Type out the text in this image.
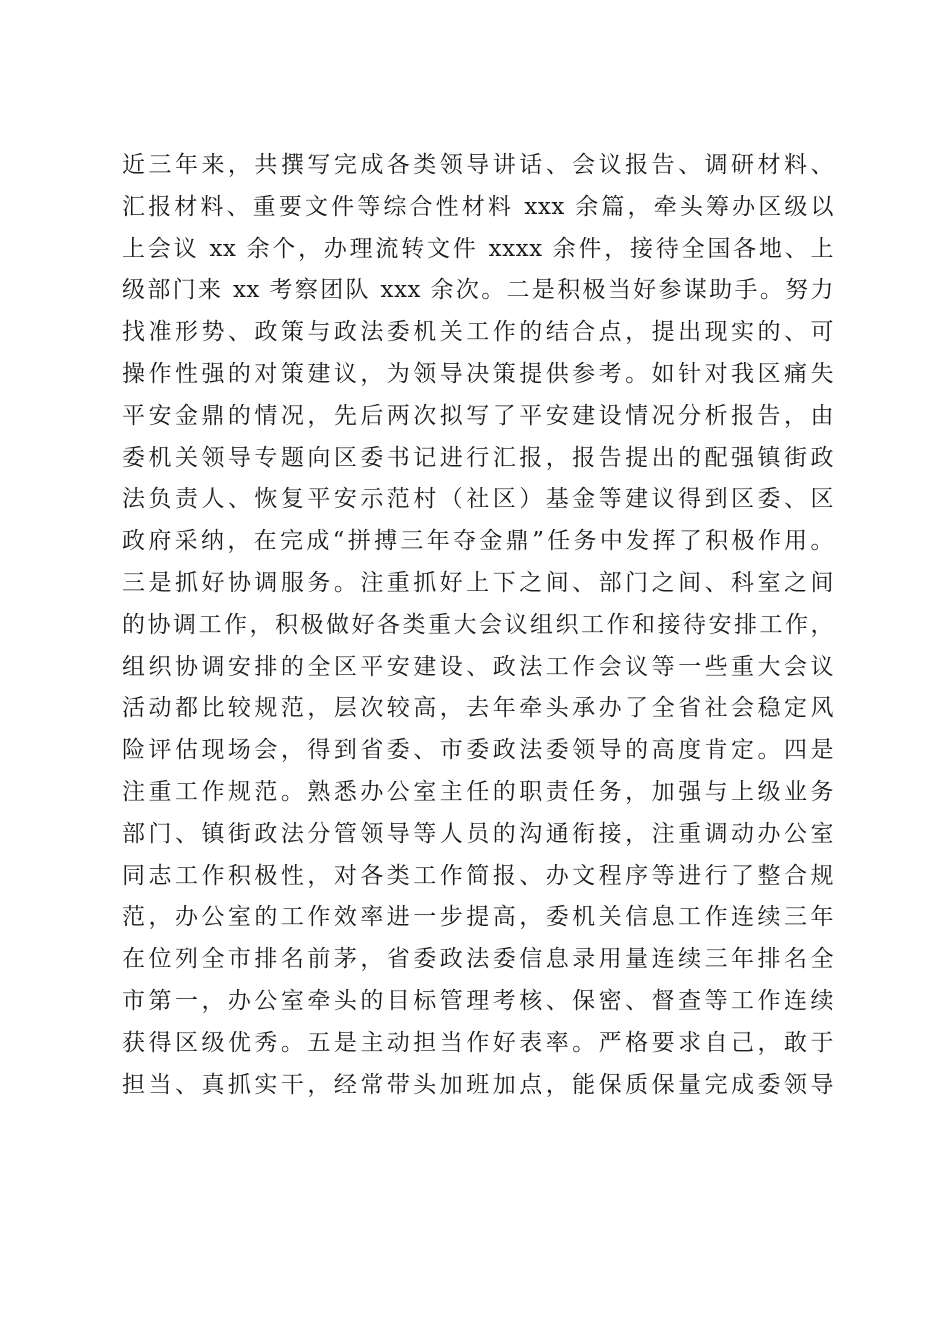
近三年来，共撰写完成各类领导讲话、会议报告、调研材料、
汇报材料、重要文件等综合性材料 xxx 余篇，牵头筹办区级以
上会议 xx 余个，办理流转文件 xxxx 余件，接待全国各地、上
级部门来 xx 考察团队 xxx 余次。二是积极当好参谋助手。努力
找准形势、政策与政法委机关工作的结合点，提出现实的、可
操作性强的对策建议，为领导决策提供参考。如针对我区痛失
平安金鼎的情况，先后两次拟写了平安建设情况分析报告，由
委机关领导专题向区委书记进行汇报，报告提出的配强镇街政
法负责人、恢复平安示范村（社区）基金等建议得到区委、区
政府采纳，在完成“拼搏三年夺金鼎”任务中发挥了积极作用。
三是抓好协调服务。注重抓好上下之间、部门之间、科室之间
的协调工作，积极做好各类重大会议组织工作和接待安排工作，
组织协调安排的全区平安建设、政法工作会议等一些重大会议
活动都比较规范，层次较高，去年牵头承办了全省社会稳定风
险评估现场会，得到省委、市委政法委领导的高度肯定。四是
注重工作规范。熟悉办公室主任的职责任务，加强与上级业务
部门、镇街政法分管领导等人员的沟通衔接，注重调动办公室
同志工作积极性，对各类工作简报、办文程序等进行了整合规
范，办公室的工作效率进一步提高，委机关信息工作连续三年
在位列全市排名前茅，省委政法委信息录用量连续三年排名全
市第一，办公室牵头的目标管理考核、保密、督查等工作连续
获得区级优秀。五是主动担当作好表率。严格要求自己，敢于
担当、真抓实干，经常带头加班加点，能保质保量完成委领导
